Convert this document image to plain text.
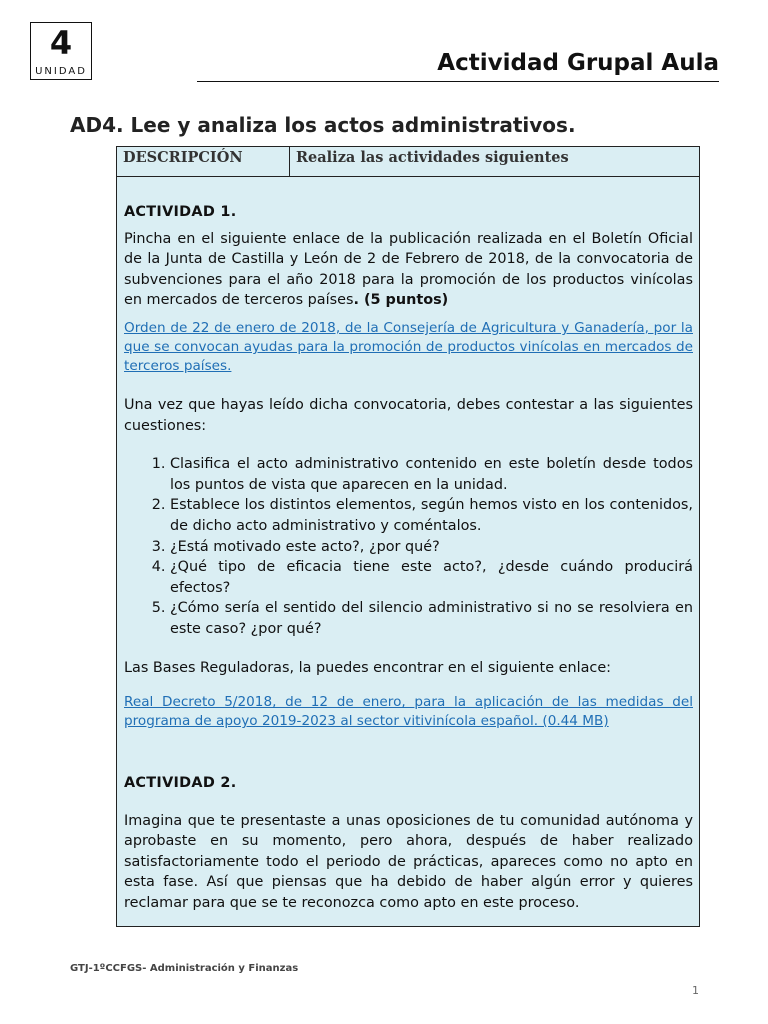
4
UNIDAD	Actividad Grupal Aula
AD4. Lee y analiza los actos administrativos.
DESCRIPCIÓN	Realiza las actividades siguientes

ACTIVIDAD 1.

Pincha en el siguiente enlace de la publicación realizada en el Boletín Oficial de la Junta de Castilla y León de 2 de Febrero de 2018, de la convocatoria de subvenciones para el año 2018 para la promoción de los productos vinícolas en mercados de terceros países. (5 puntos)

Orden de 22 de enero de 2018, de la Consejería de Agricultura y Ganadería, por la que se convocan ayudas para la promoción de productos vinícolas en mercados de terceros países.

Una vez que hayas leído dicha convocatoria, debes contestar a las siguientes cuestiones:

1. Clasifica el acto administrativo contenido en este boletín desde todos los puntos de vista que aparecen en la unidad.
2. Establece los distintos elementos, según hemos visto en los contenidos, de dicho acto administrativo y coméntalos.
3. ¿Está motivado este acto?, ¿por qué?
4. ¿Qué tipo de eficacia tiene este acto?, ¿desde cuándo producirá efectos?
5. ¿Cómo sería el sentido del silencio administrativo si no se resolviera en este caso? ¿por qué?

Las Bases Reguladoras, la puedes encontrar en el siguiente enlace:

Real Decreto 5/2018, de 12 de enero, para la aplicación de las medidas del programa de apoyo 2019-2023 al sector vitivinícola español. (0.44 MB)

ACTIVIDAD 2.

Imagina que te presentaste a unas oposiciones de tu comunidad autónoma y aprobaste en su momento, pero ahora, después de haber realizado satisfactoriamente todo el periodo de prácticas, apareces como no apto en esta fase. Así que piensas que ha debido de haber algún error y quieres reclamar para que se te reconozca como apto en este proceso.

GTJ-1ºCCFGS- Administración y Finanzas
1
